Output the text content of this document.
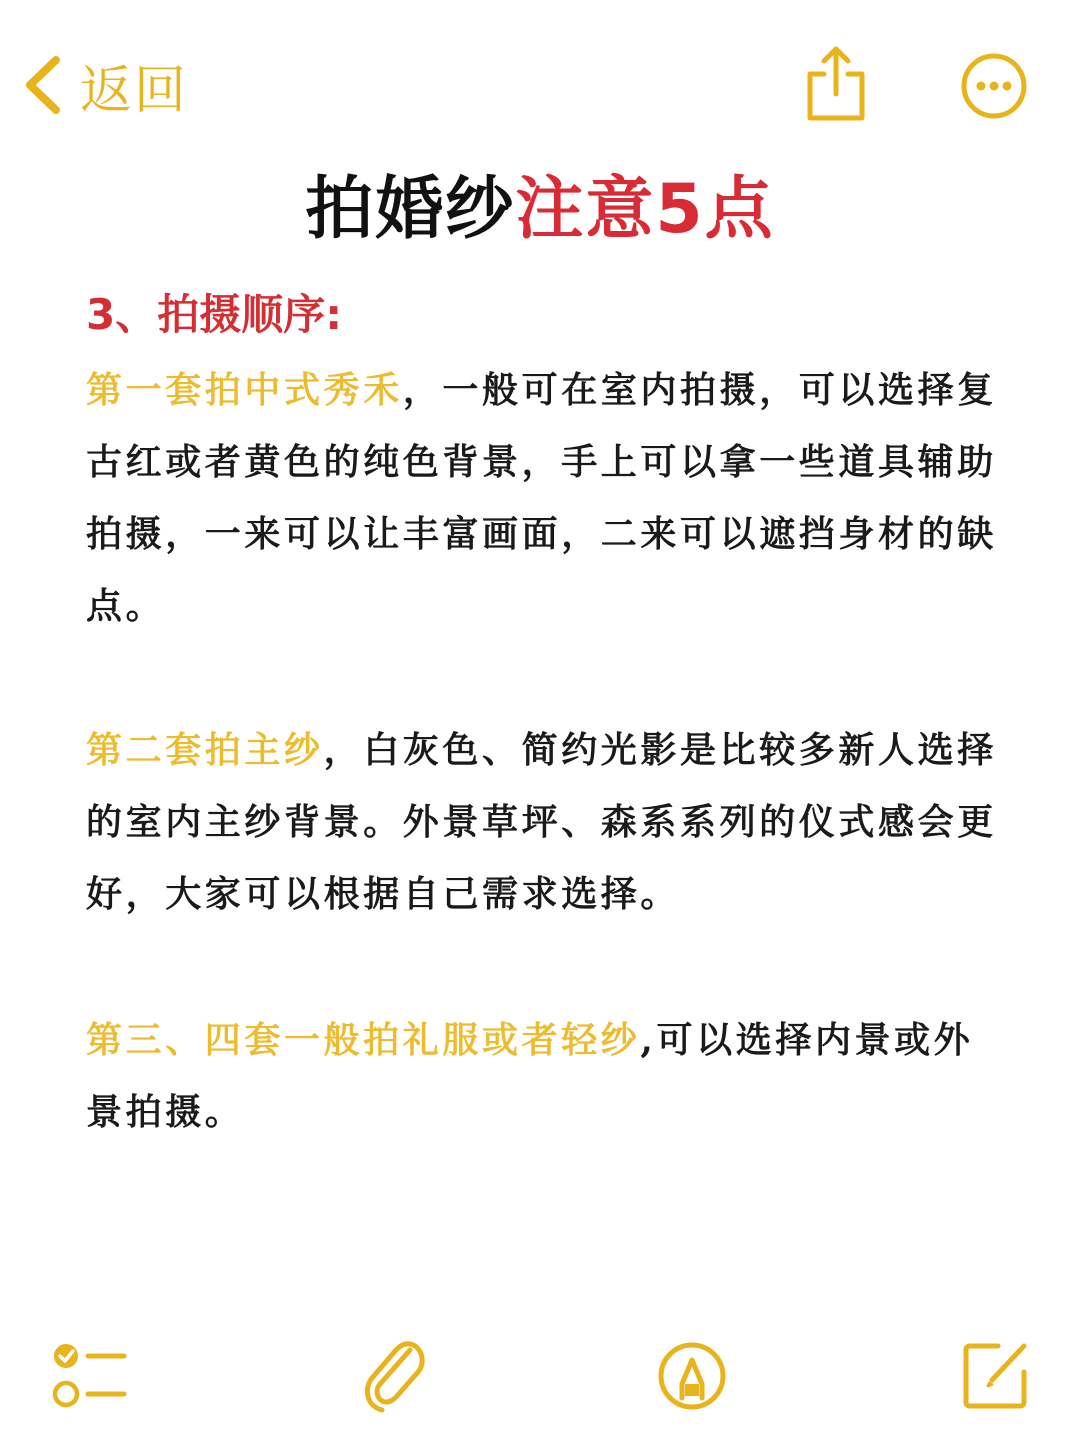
返回
拍婚纱注意5点
3、拍摄顺序:
第一套拍中式秀禾，一般可在室内拍摄，可以选择复古红或者黄色的纯色背景，手上可以拿一些道具辅助拍摄，一来可以让丰富画面，二来可以遮挡身材的缺点。
第二套拍主纱，白灰色、简约光影是比较多新人选择的室内主纱背景。外景草坪、森系系列的仪式感会更好，大家可以根据自己需求选择。
第三、四套一般拍礼服或者轻纱,可以选择内景或外景拍摄。
